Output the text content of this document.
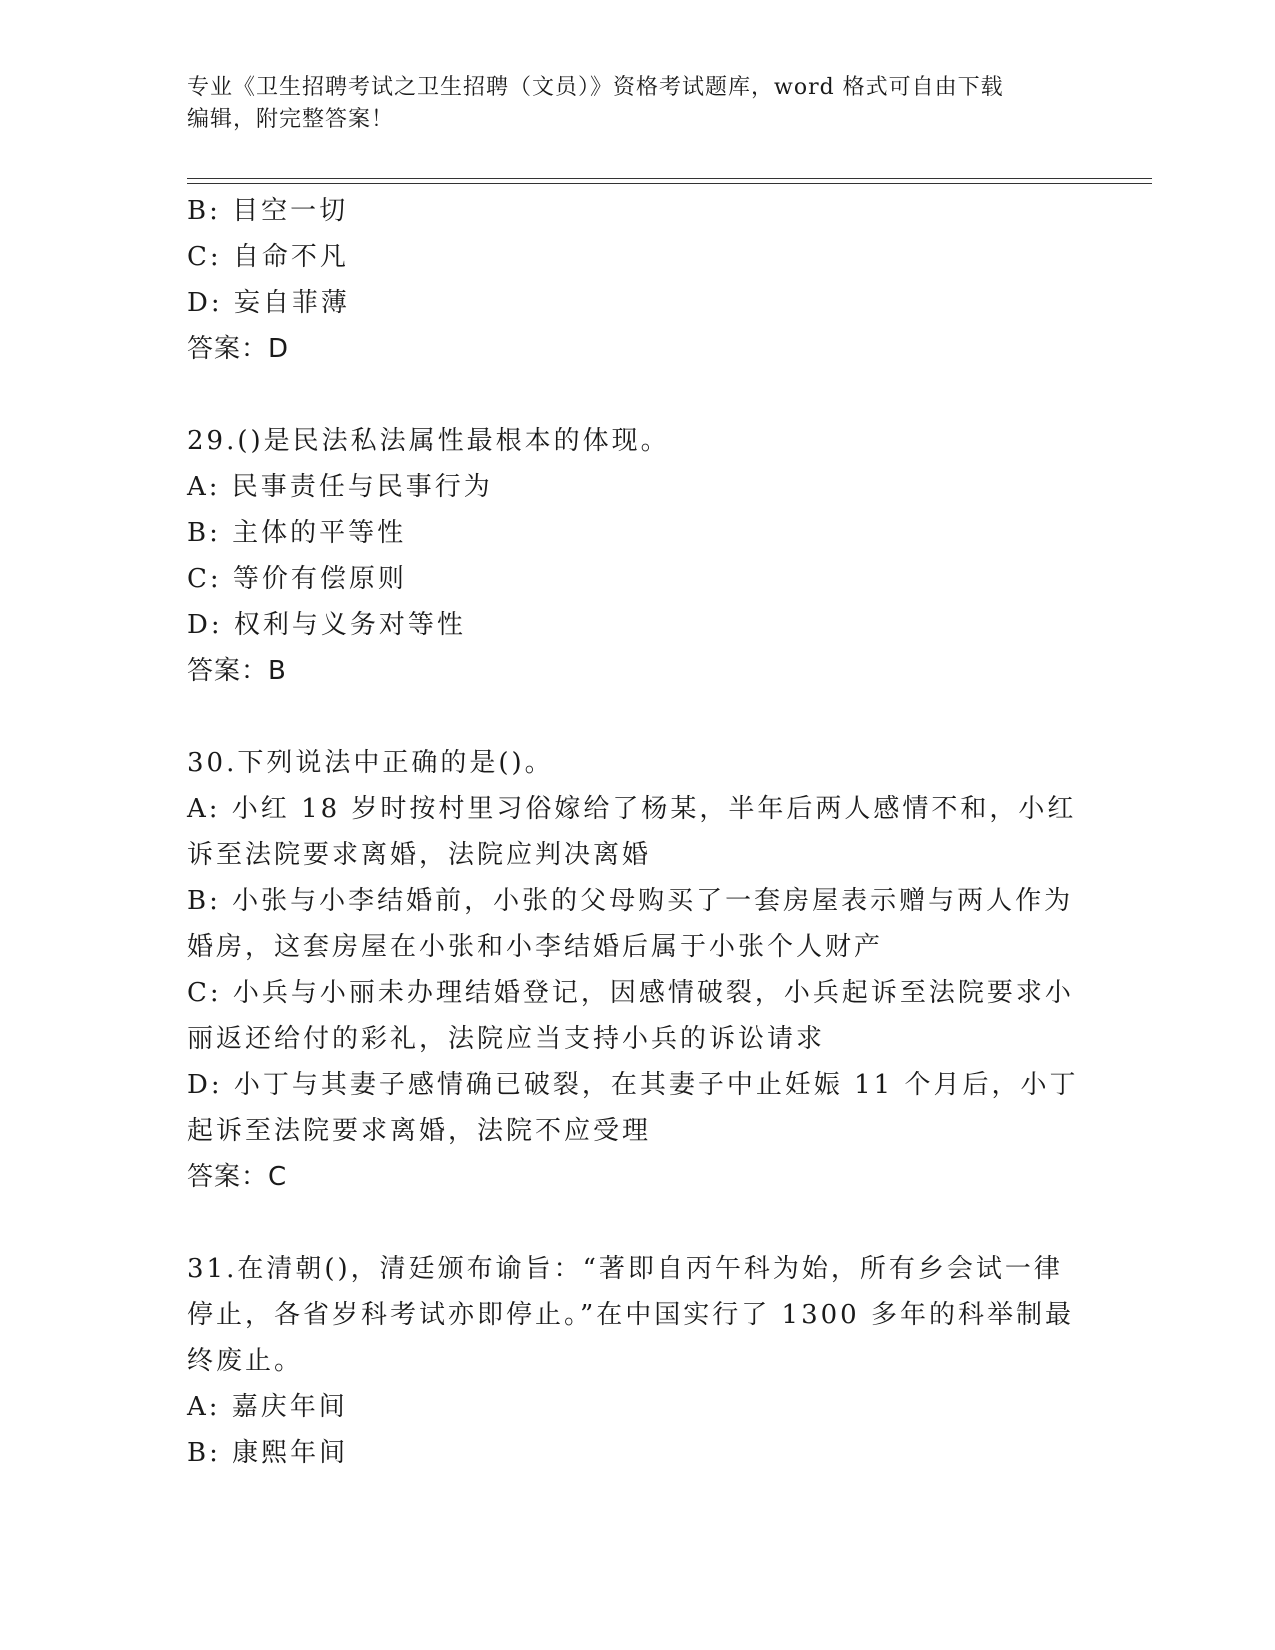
专业《卫生招聘考试之卫生招聘（文员）》资格考试题库，word 格式可自由下载
编辑，附完整答案！
B: 目空一切
C: 自命不凡
D: 妄自菲薄
答案：D
29.()是民法私法属性最根本的体现。
A: 民事责任与民事行为
B: 主体的平等性
C: 等价有偿原则
D: 权利与义务对等性
答案：B
30.下列说法中正确的是()。
A: 小红 18 岁时按村里习俗嫁给了杨某，半年后两人感情不和，小红
诉至法院要求离婚，法院应判决离婚
B: 小张与小李结婚前，小张的父母购买了一套房屋表示赠与两人作为
婚房，这套房屋在小张和小李结婚后属于小张个人财产
C: 小兵与小丽未办理结婚登记，因感情破裂，小兵起诉至法院要求小
丽返还给付的彩礼，法院应当支持小兵的诉讼请求
D: 小丁与其妻子感情确已破裂，在其妻子中止妊娠 11 个月后，小丁
起诉至法院要求离婚，法院不应受理
答案：C
31.在清朝()，清廷颁布谕旨：“著即自丙午科为始，所有乡会试一律
停止，各省岁科考试亦即停止。”在中国实行了 1300 多年的科举制最
终废止。
A: 嘉庆年间
B: 康熙年间
